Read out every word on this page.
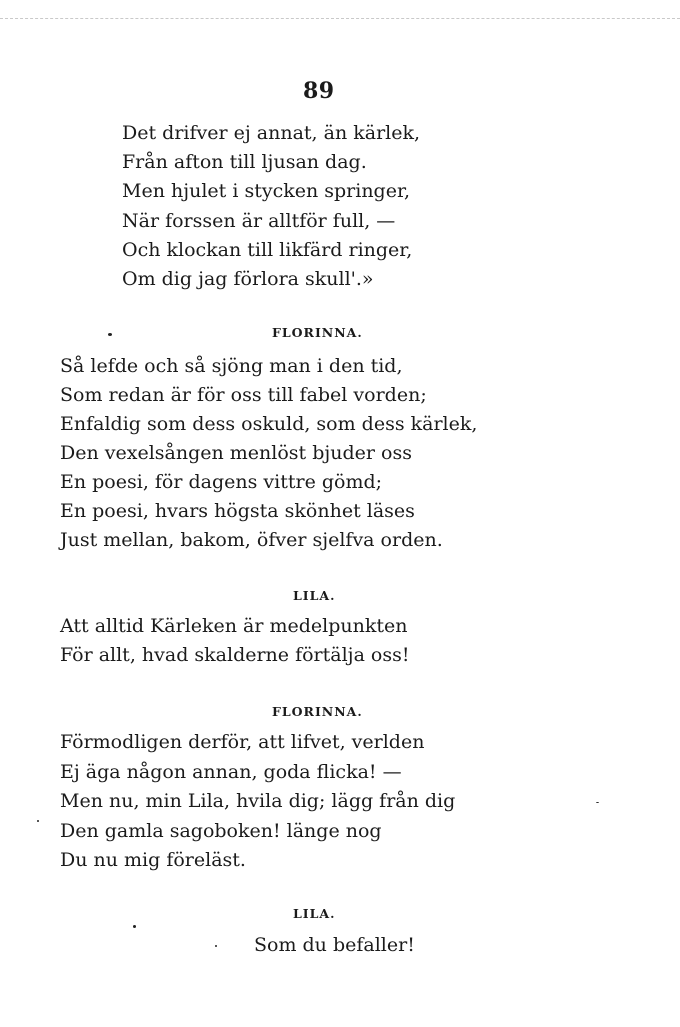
89
Det drifver ej annat, än kärlek,
Från afton till ljusan dag.
Men hjulet i stycken springer,
När forssen är alltför full, —
Och klockan till likfärd ringer,
Om dig jag förlora skull'.»
FLORINNA.
Så lefde och så sjöng man i den tid,
Som redan är för oss till fabel vorden;
Enfaldig som dess oskuld, som dess kärlek,
Den vexelsången menlöst bjuder oss
En poesi, för dagens vittre gömd;
En poesi, hvars högsta skönhet läses
Just mellan, bakom, öfver sjelfva orden.
LILA.
Att alltid Kärleken är medelpunkten
För allt, hvad skalderne förtälja oss!
FLORINNA.
Förmodligen derför, att lifvet, verlden
Ej äga någon annan, goda flicka! —
Men nu, min Lila, hvila dig; lägg från dig
Den gamla sagoboken! länge nog
Du nu mig föreläst.
LILA.
Som du befaller!
